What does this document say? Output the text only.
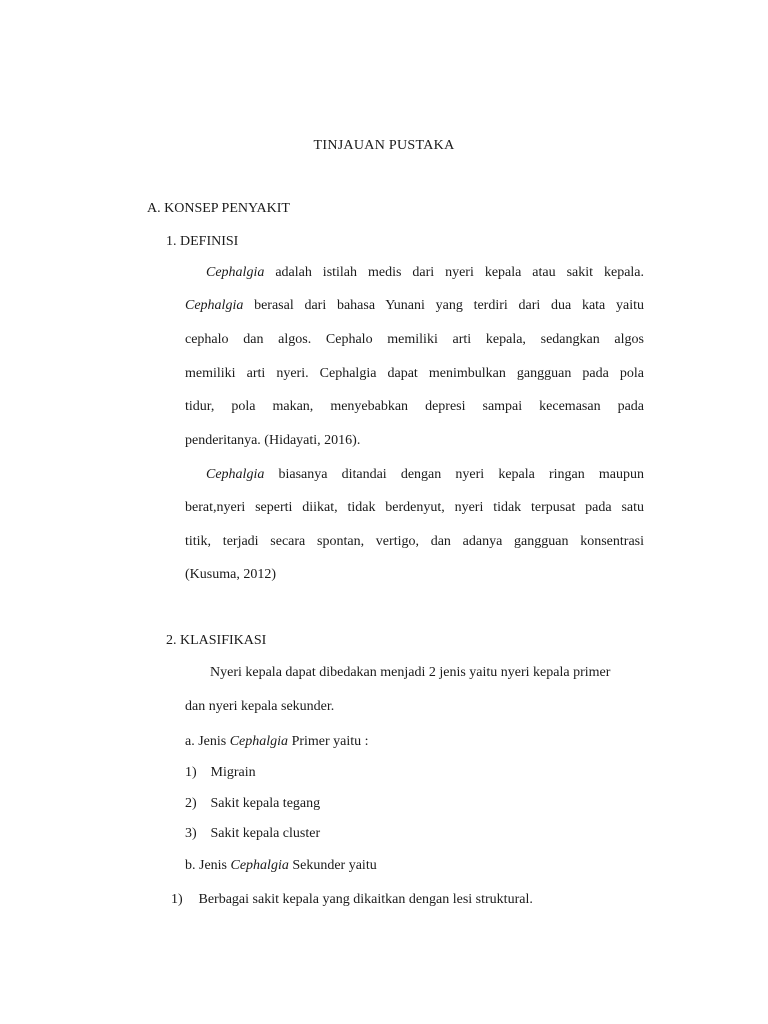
TINJAUAN PUSTAKA
A. KONSEP PENYAKIT
1. DEFINISI
Cephalgia adalah istilah medis dari nyeri kepala atau sakit kepala.
Cephalgia berasal dari bahasa Yunani yang terdiri dari dua kata yaitu
cephalo dan algos. Cephalo memiliki arti kepala, sedangkan algos
memiliki arti nyeri. Cephalgia dapat menimbulkan gangguan pada pola
tidur, pola makan, menyebabkan depresi sampai kecemasan pada
penderitanya. (Hidayati, 2016).
Cephalgia biasanya ditandai dengan nyeri kepala ringan maupun
berat,nyeri seperti diikat, tidak berdenyut, nyeri tidak terpusat pada satu
titik, terjadi secara spontan, vertigo, dan adanya gangguan konsentrasi
(Kusuma, 2012)
2. KLASIFIKASI
Nyeri kepala dapat dibedakan menjadi 2 jenis yaitu nyeri kepala primer
dan nyeri kepala sekunder.
a. Jenis Cephalgia Primer yaitu :
1) Migrain
2) Sakit kepala tegang
3) Sakit kepala cluster
b. Jenis Cephalgia Sekunder yaitu
1) Berbagai sakit kepala yang dikaitkan dengan lesi struktural.
